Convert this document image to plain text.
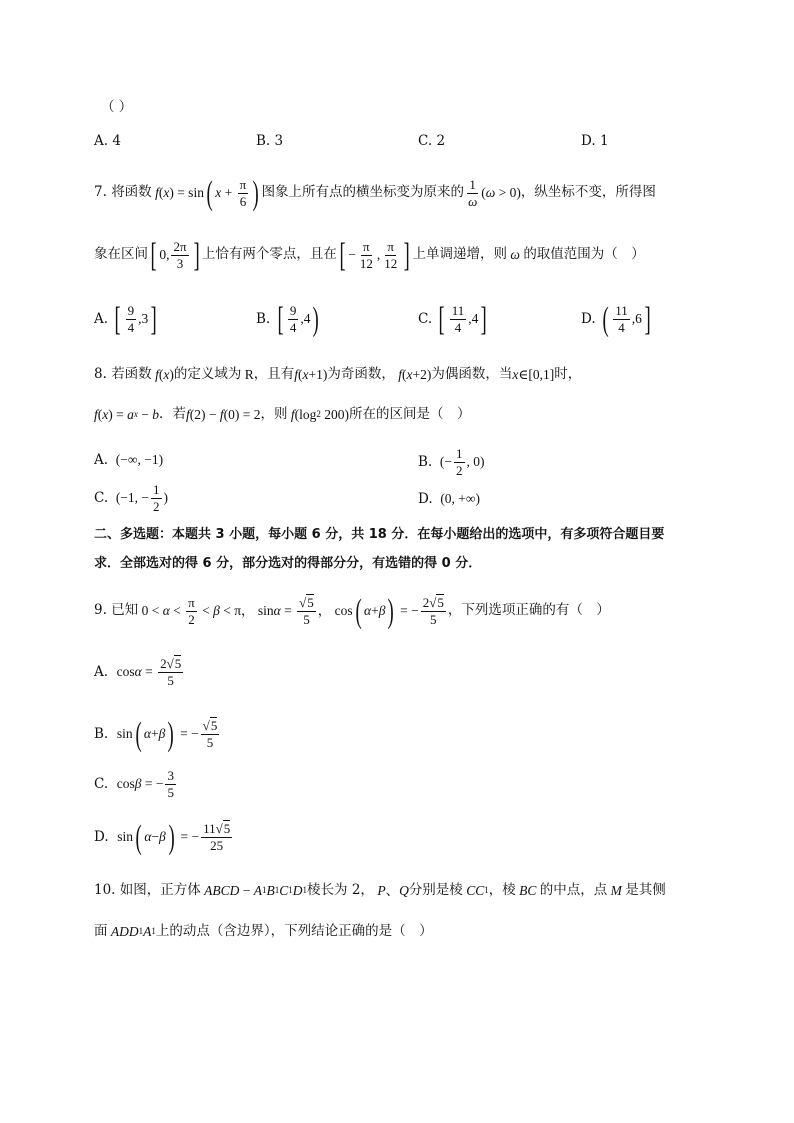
（ ）
A.
4	B.
3	C.
2	D.
1
7.
将函数 f ( x ) = sin ( $x + \frac{\pi}{6}$ ) 图象上所有点的横坐标变为原来的 $\frac{1}{\omega}$ ( ω > 0) ，纵坐标不变，所得图
象在区间 [ 0, $\frac{2\pi}{3}$ ] 上恰有两个零点，且在 [ − $\frac{\pi}{12}$ , $\frac{\pi}{12}$ ] 上单调递增，则 ω 的取值范围为（　）
A.
[ $\frac{9}{4} ,3$ ]	B.
[ $\frac{9}{4} ,4$ )	C.
[ $\frac{11}{4} ,4$ ]	D.
( $\frac{11}{4} ,6$ ]
8.
若函数 f ( x ) 的定义域为 R ，且有 f ( x +1) 为奇函数， f ( x +2) 为偶函数，当 x ∈[0,1] 时，
f ( x ) = a x − b ．若 f (2) − f (0) = 2 ，则 f (log 2 200) 所在的区间是（　）
A.
(−∞, −1)	B.
(− $\frac{1}{2}$ , 0)
C.
(−1, − $\frac{1}{2}$ )	D.
(0, +∞)
二、多选题：本题共 3 小题，每小题 6 分，共 18 分．在每小题给出的选项中，有多项符合题目要
求．全部选对的得 6 分，部分选对的得部分分，有选错的得 0 分．
9.
已知 $0 < \alpha < \frac{\pi}{2} < \beta < \pi$， $\sin \alpha = \frac{√5}{5}$ ， cos ( α + β ) = − $\frac{2√5}{5}$ ，下列选项正确的有（　）
A.
$\cos \alpha = \frac{2√5}{5}$
B.
sin ( α + β ) = − $\frac{√5}{5}$
C.
cos β = − $\frac{3}{5}$
D.
sin ( α − β ) = − $\frac{11√5}{25}$
10.
如图，正方体 ABCD − A 1 B 1 C 1 D 1 棱长为 2， P 、 Q 分别是棱 CC 1 ，棱 BC 的中点，点 M 是其侧
面 ADD 1 A 1 上的动点（含边界），下列结论正确的是（　）
